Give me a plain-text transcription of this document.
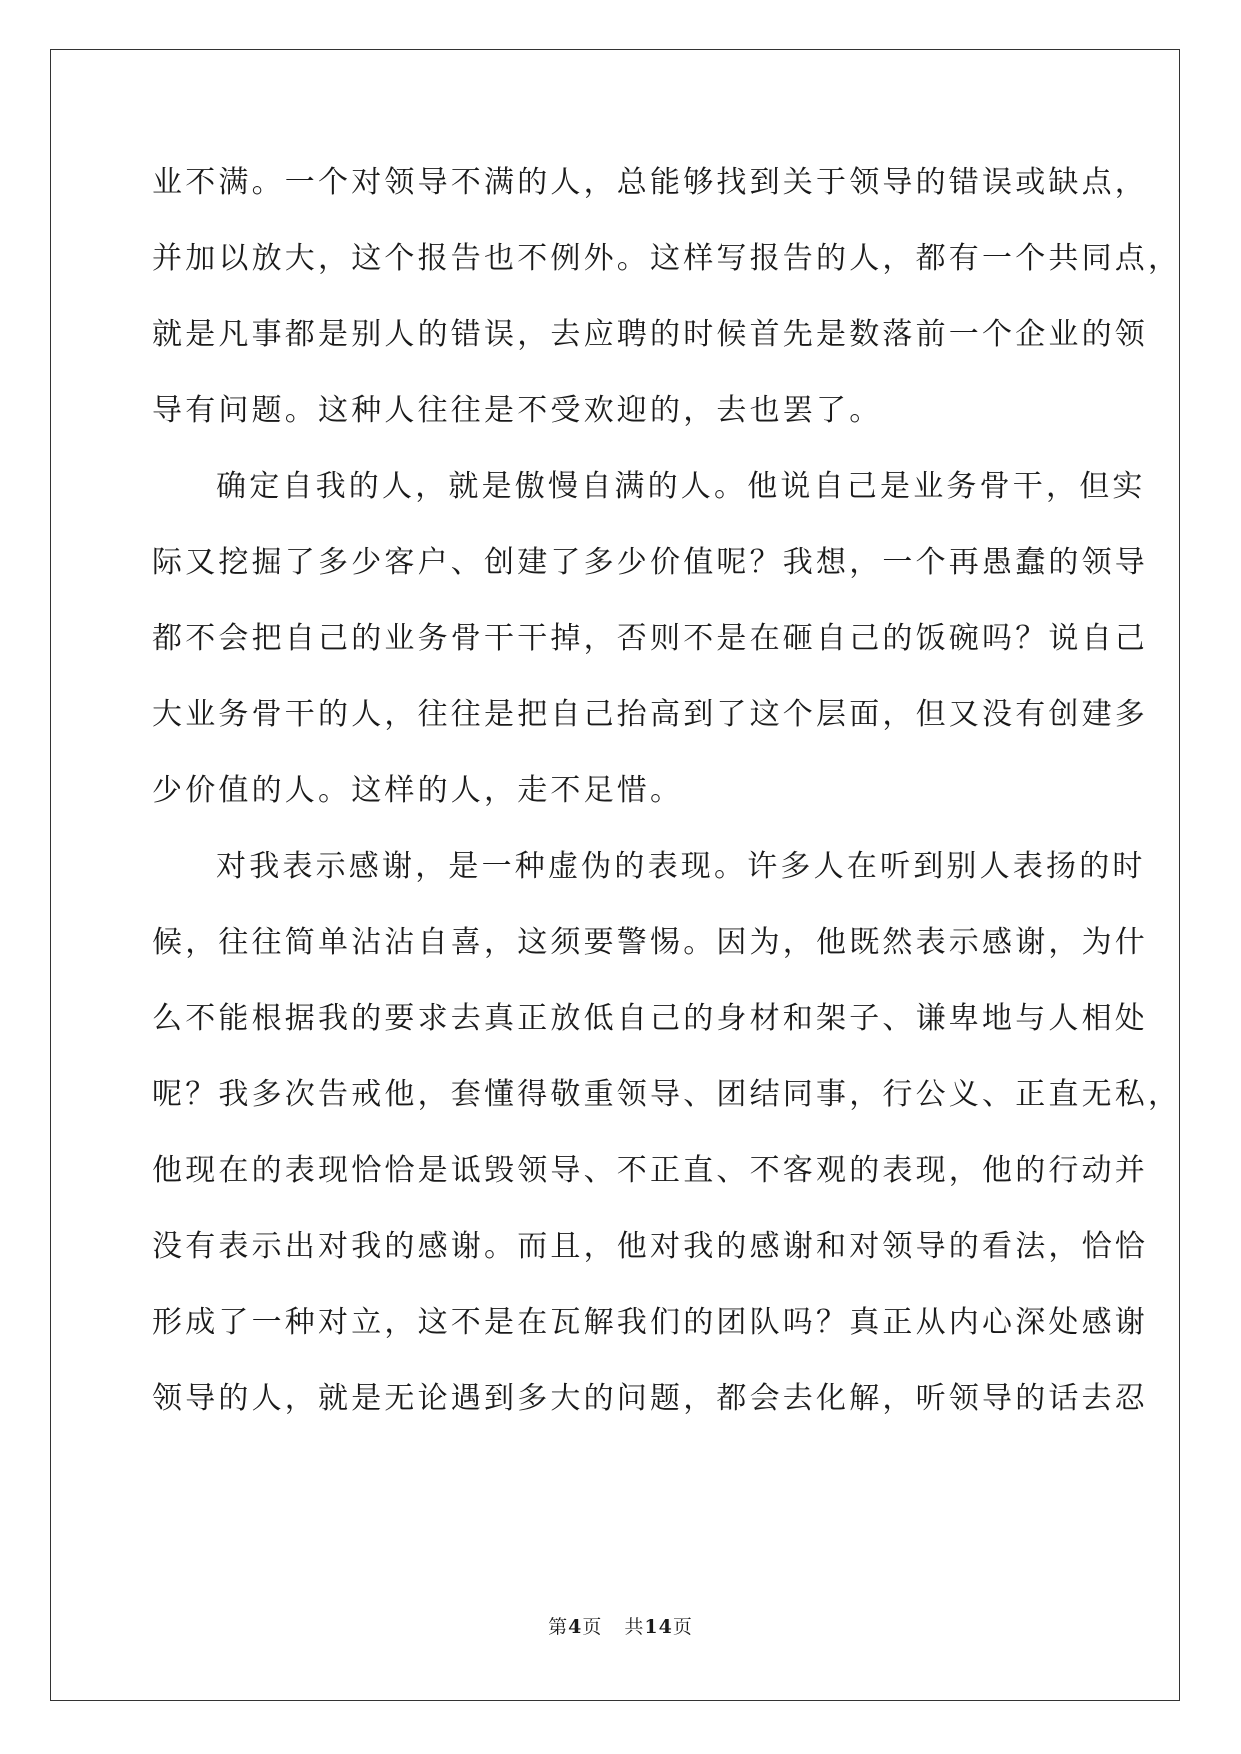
业不满。一个对领导不满的人，总能够找到关于领导的错误或缺点，
并加以放大，这个报告也不例外。这样写报告的人，都有一个共同点，
就是凡事都是别人的错误，去应聘的时候首先是数落前一个企业的领
导有问题。这种人往往是不受欢迎的，去也罢了。
确定自我的人，就是傲慢自满的人。他说自己是业务骨干，但实
际又挖掘了多少客户、创建了多少价值呢？我想，一个再愚蠢的领导
都不会把自己的业务骨干干掉，否则不是在砸自己的饭碗吗？说自己
大业务骨干的人，往往是把自己抬高到了这个层面，但又没有创建多
少价值的人。这样的人，走不足惜。
对我表示感谢，是一种虚伪的表现。许多人在听到别人表扬的时
候，往往简单沾沾自喜，这须要警惕。因为，他既然表示感谢，为什
么不能根据我的要求去真正放低自己的身材和架子、谦卑地与人相处
呢？我多次告戒他，套懂得敬重领导、团结同事，行公义、正直无私，
他现在的表现恰恰是诋毁领导、不正直、不客观的表现，他的行动并
没有表示出对我的感谢。而且，他对我的感谢和对领导的看法，恰恰
形成了一种对立，这不是在瓦解我们的团队吗？真正从内心深处感谢
领导的人，就是无论遇到多大的问题，都会去化解，听领导的话去忍
第4页 共14页
